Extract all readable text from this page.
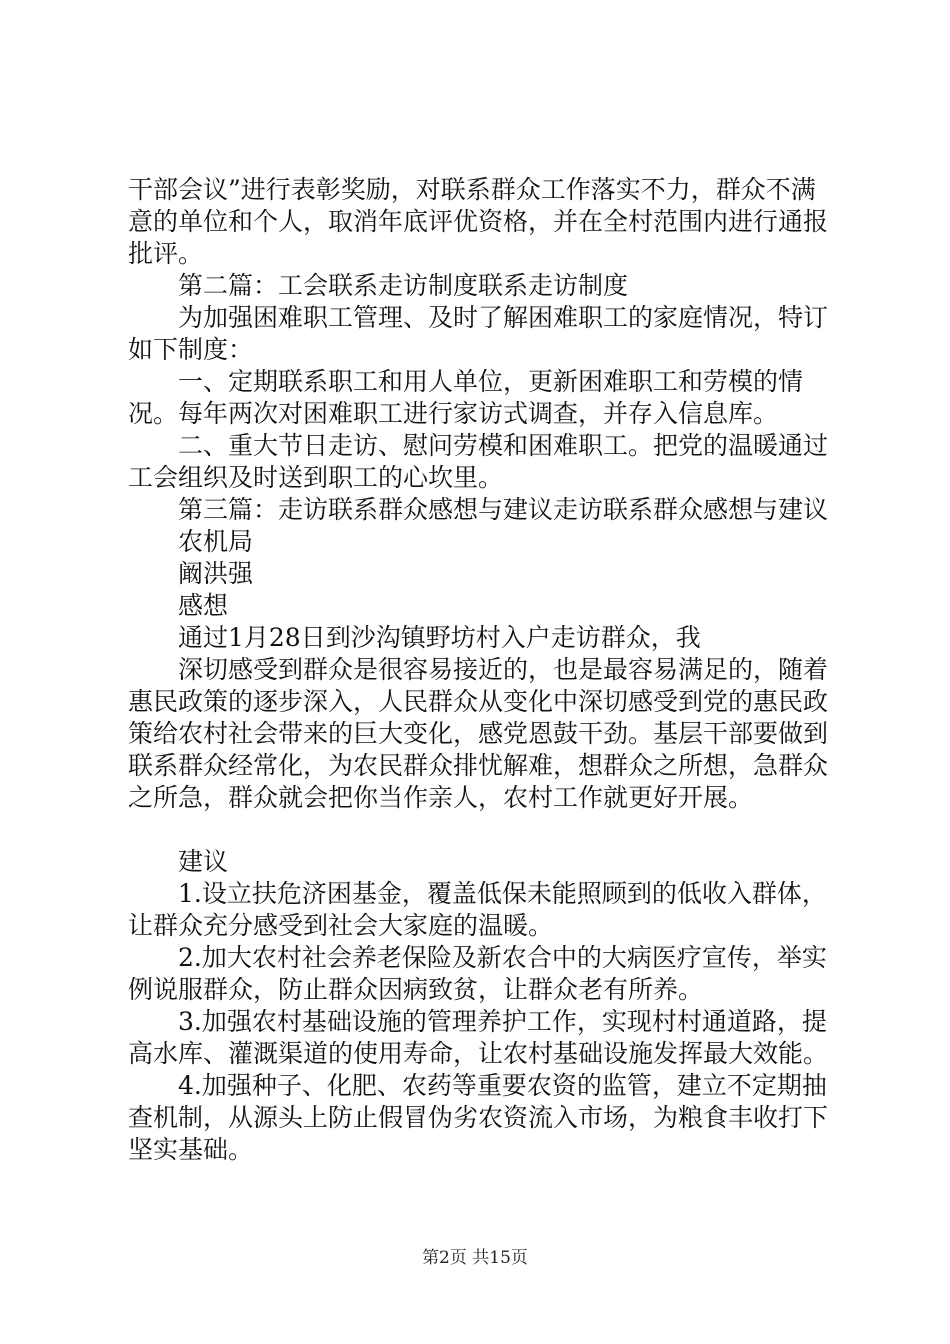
干部会议”进行表彰奖励，对联系群众工作落实不力，群众不满意的单位和个人，取消年底评优资格，并在全村范围内进行通报批评。

第二篇：工会联系走访制度联系走访制度

为加强困难职工管理、及时了解困难职工的家庭情况，特订如下制度：

一、定期联系职工和用人单位，更新困难职工和劳模的情况。每年两次对困难职工进行家访式调查，并存入信息库。

二、重大节日走访、慰问劳模和困难职工。把党的温暖通过工会组织及时送到职工的心坎里。

第三篇：走访联系群众感想与建议走访联系群众感想与建议

农机局

阚洪强

感想

通过1月28日到沙沟镇野坊村入户走访群众，我

深切感受到群众是很容易接近的，也是最容易满足的，随着惠民政策的逐步深入，人民群众从变化中深切感受到党的惠民政策给农村社会带来的巨大变化，感党恩鼓干劲。基层干部要做到联系群众经常化，为农民群众排忧解难，想群众之所想，急群众之所急，群众就会把你当作亲人，农村工作就更好开展。

建议

1.设立扶危济困基金，覆盖低保未能照顾到的低收入群体，让群众充分感受到社会大家庭的温暖。

2.加大农村社会养老保险及新农合中的大病医疗宣传，举实例说服群众，防止群众因病致贫，让群众老有所养。

3.加强农村基础设施的管理养护工作，实现村村通道路，提高水库、灌溉渠道的使用寿命，让农村基础设施发挥最大效能。

4.加强种子、化肥、农药等重要农资的监管，建立不定期抽查机制，从源头上防止假冒伪劣农资流入市场，为粮食丰收打下坚实基础。

第2页 共15页
